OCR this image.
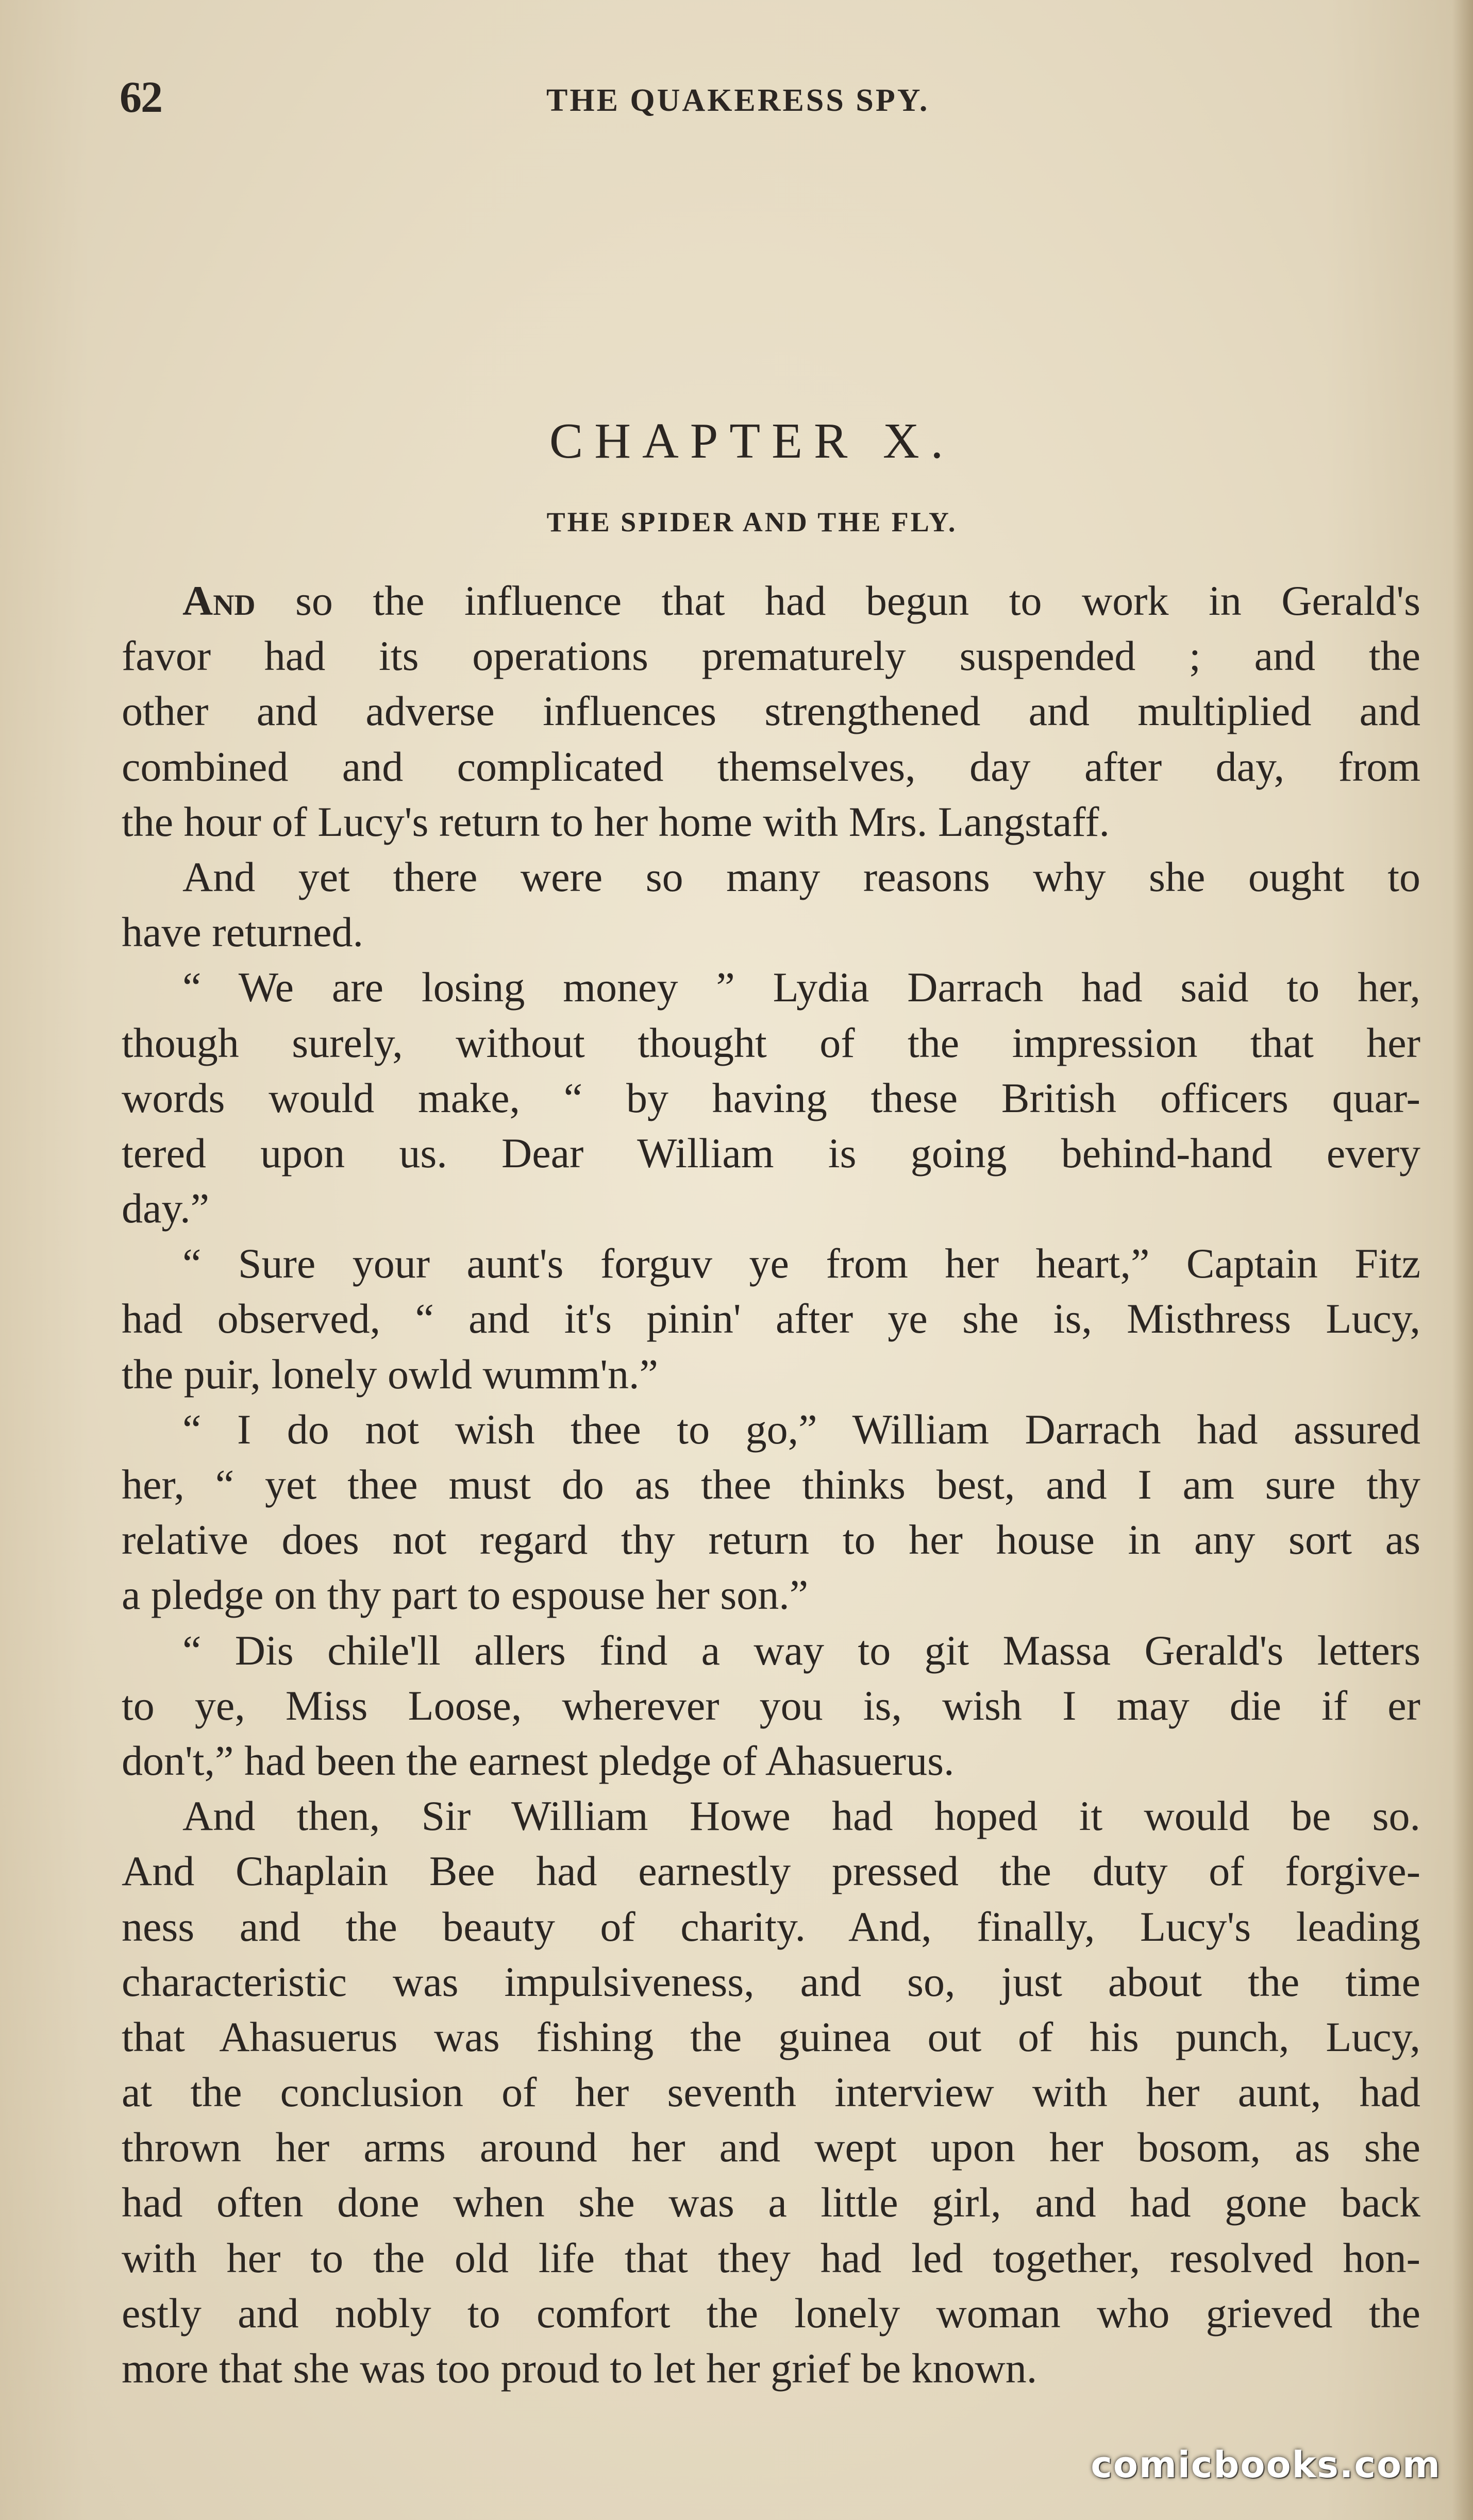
62	THE QUAKERESS SPY.
CHAPTER X.
THE SPIDER AND THE FLY.
And so the influence that had begun to work in Gerald's
favor had its operations prematurely suspended ; and the
other and adverse influences strengthened and multiplied and
combined and complicated themselves, day after day, from
the hour of Lucy's return to her home with Mrs. Langstaff.
And yet there were so many reasons why she ought to
have returned.
“ We are losing money ” Lydia Darrach had said to her,
though surely, without thought of the impression that her
words would make, “ by having these British officers quar-
tered upon us. Dear William is going behind-hand every
day.”
“ Sure your aunt's forguv ye from her heart,” Captain Fitz
had observed, “ and it's pinin' after ye she is, Misthress Lucy,
the puir, lonely owld wumm'n.”
“ I do not wish thee to go,” William Darrach had assured
her, “ yet thee must do as thee thinks best, and I am sure thy
relative does not regard thy return to her house in any sort as
a pledge on thy part to espouse her son.”
“ Dis chile'll allers find a way to git Massa Gerald's letters
to ye, Miss Loose, wherever you is, wish I may die if er
don't,” had been the earnest pledge of Ahasuerus.
And then, Sir William Howe had hoped it would be so.
And Chaplain Bee had earnestly pressed the duty of forgive-
ness and the beauty of charity. And, finally, Lucy's leading
characteristic was impulsiveness, and so, just about the time
that Ahasuerus was fishing the guinea out of his punch, Lucy,
at the conclusion of her seventh interview with her aunt, had
thrown her arms around her and wept upon her bosom, as she
had often done when she was a little girl, and had gone back
with her to the old life that they had led together, resolved hon-
estly and nobly to comfort the lonely woman who grieved the
more that she was too proud to let her grief be known.
comicbooks.com
